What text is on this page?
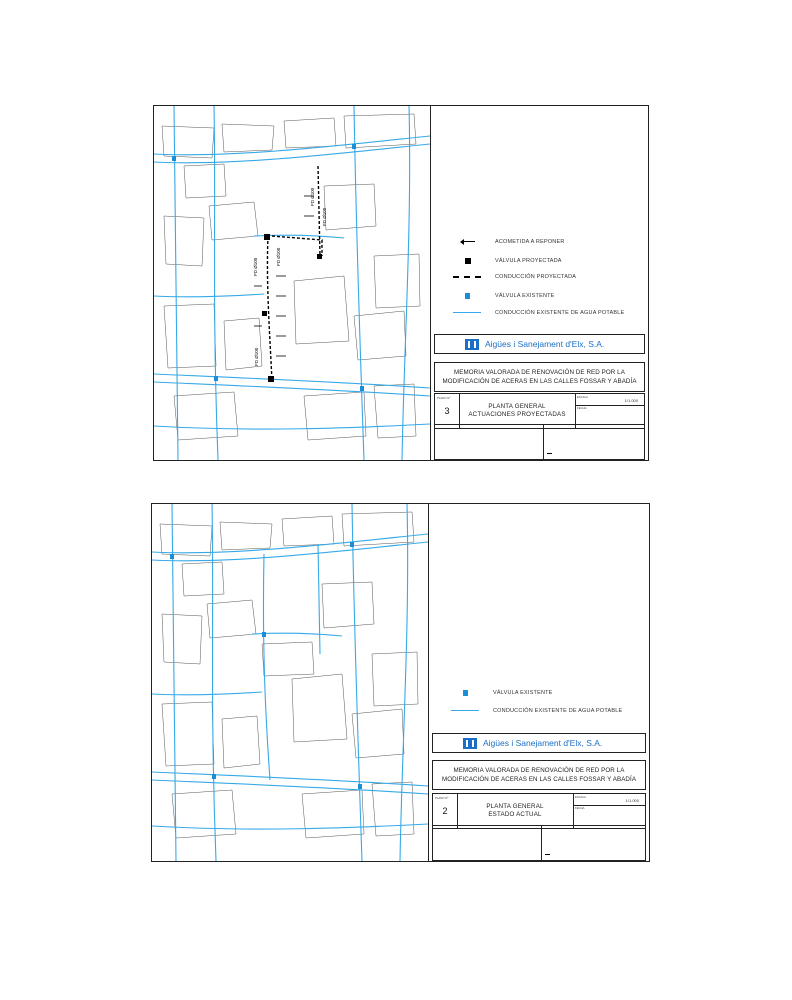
FD Ø100
FD Ø100
FD Ø100
FD Ø100
FD Ø100
ACOMETIDA A REPONER
VÁLVULA PROYECTADA
CONDUCCIÓN PROYECTADA
VÁLVULA EXISTENTE
CONDUCCIÓN EXISTENTE DE AGUA POTABLE
Aigües i Sanejament d'Elx, S.A.
MEMORIA VALORADA DE RENOVACIÓN DE RED POR LA
MODIFICACIÓN DE ACERAS EN LAS CALLES FOSSAR Y ABADÍA
PLANO Nº
3	PLANTA GENERAL
ACTUACIONES PROYECTADAS
ESCALA
1/1.000
FECHA
VÁLVULA EXISTENTE
CONDUCCIÓN EXISTENTE DE AGUA POTABLE
Aigües i Sanejament d'Elx, S.A.
MEMORIA VALORADA DE RENOVACIÓN DE RED POR LA
MODIFICACIÓN DE ACERAS EN LAS CALLES FOSSAR Y ABADÍA
PLANO Nº
2	PLANTA GENERAL
ESTADO ACTUAL
ESCALA
1/1.000
FECHA
